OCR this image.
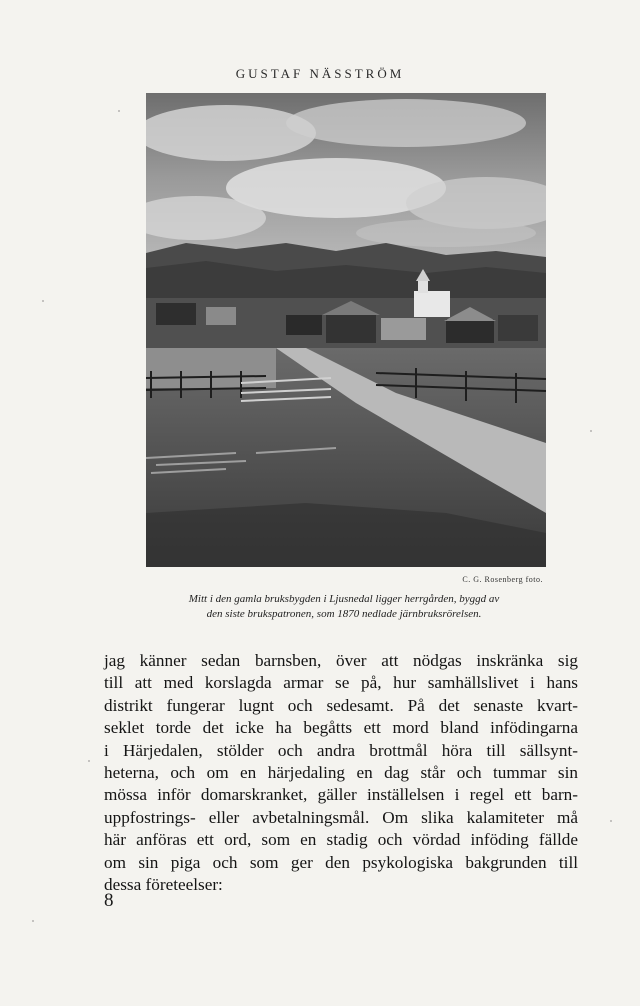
GUSTAF NÄSSTRÖM
C. G. Rosenberg foto.
Mitt i den gamla bruksbygden i Ljusnedal ligger herrgården, byggd av
den siste brukspatronen, som 1870 nedlade järnbruksrörelsen.
jag känner sedan barnsben, över att nödgas inskränka sig
till att med korslagda armar se på, hur samhällslivet i hans
distrikt fungerar lugnt och sedesamt. På det senaste kvart-
seklet torde det icke ha begåtts ett mord bland infödingarna
i Härjedalen, stölder och andra brottmål höra till sällsynt-
heterna, och om en härjedaling en dag står och tummar sin
mössa inför domarskranket, gäller inställelsen i regel ett barn-
uppfostrings- eller avbetalningsmål. Om slika kalamiteter må
här anföras ett ord, som en stadig och vördad inföding fällde
om sin piga och som ger den psykologiska bakgrunden till
dessa företeelser:
8
